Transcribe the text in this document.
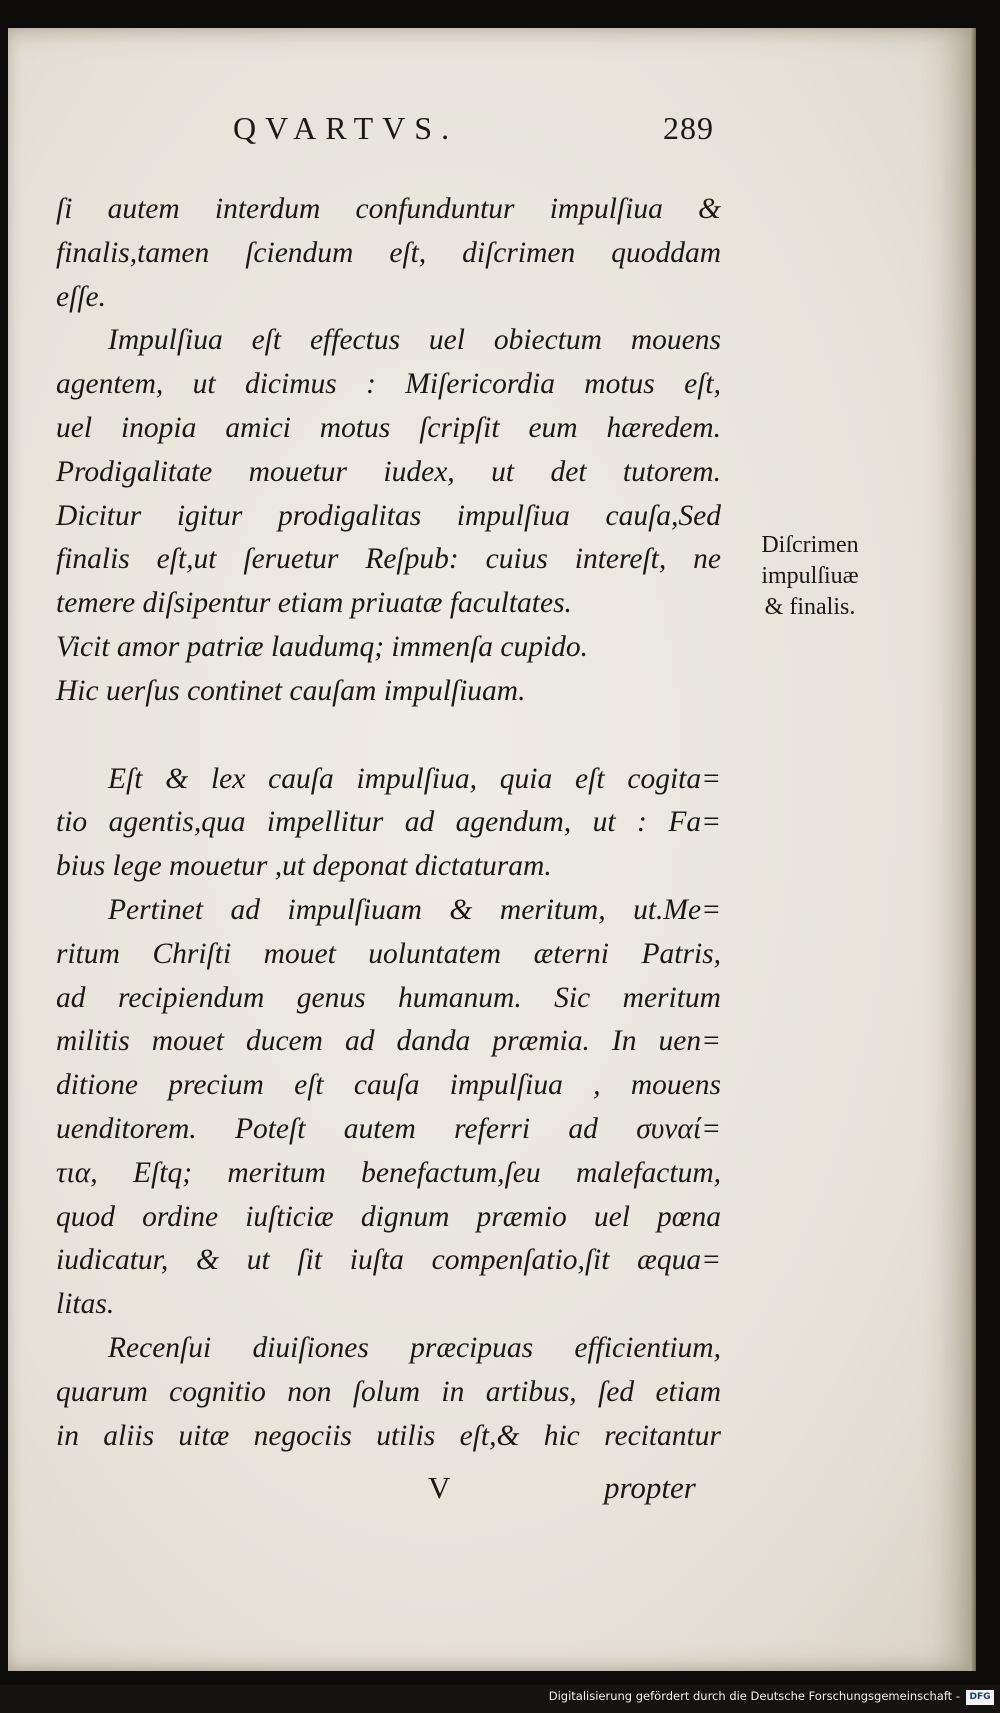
QVARTVS.	289
ſi autem interdum confunduntur impulſiua &
finalis,tamen ſciendum eſt, diſcrimen quoddam
eſſe.
Impulſiua eſt effectus uel obiectum mouens
agentem, ut dicimus : Miſericordia motus eſt,
uel inopia amici motus ſcripſit eum hæredem.
Prodigalitate mouetur iudex, ut det tutorem.
Dicitur igitur prodigalitas impulſiua cauſa,Sed
finalis eſt,ut ſeruetur Reſpub: cuius intereſt, ne
temere diſsipentur etiam priuatæ facultates.
Vicit amor patriæ laudumq; immenſa cupido.
Hic uerſus continet cauſam impulſiuam.
Eſt & lex cauſa impulſiua, quia eſt cogita=
tio agentis,qua impellitur ad agendum, ut : Fa=
bius lege mouetur ,ut deponat dictaturam.
Pertinet ad impulſiuam & meritum, ut.Me=
ritum Chriſti mouet uoluntatem æterni Patris,
ad recipiendum genus humanum. Sic meritum
militis mouet ducem ad danda præmia. In uen=
ditione precium eſt cauſa impulſiua , mouens
uenditorem. Poteſt autem referri ad συναί=
τια, Eſtq; meritum benefactum,ſeu malefactum,
quod ordine iuſticiæ dignum præmio uel pœna
iudicatur, & ut ſit iuſta compenſatio,ſit æqua=
litas.
Recenſui diuiſiones præcipuas efficientium,
quarum cognitio non ſolum in artibus, ſed etiam
in aliis uitæ negociis utilis eſt,& hic recitantur
Diſcrimen
impulſiuæ
& finalis.
V	propter
Digitalisierung gefördert durch die Deutsche Forschungsgemeinschaft -	DFG
